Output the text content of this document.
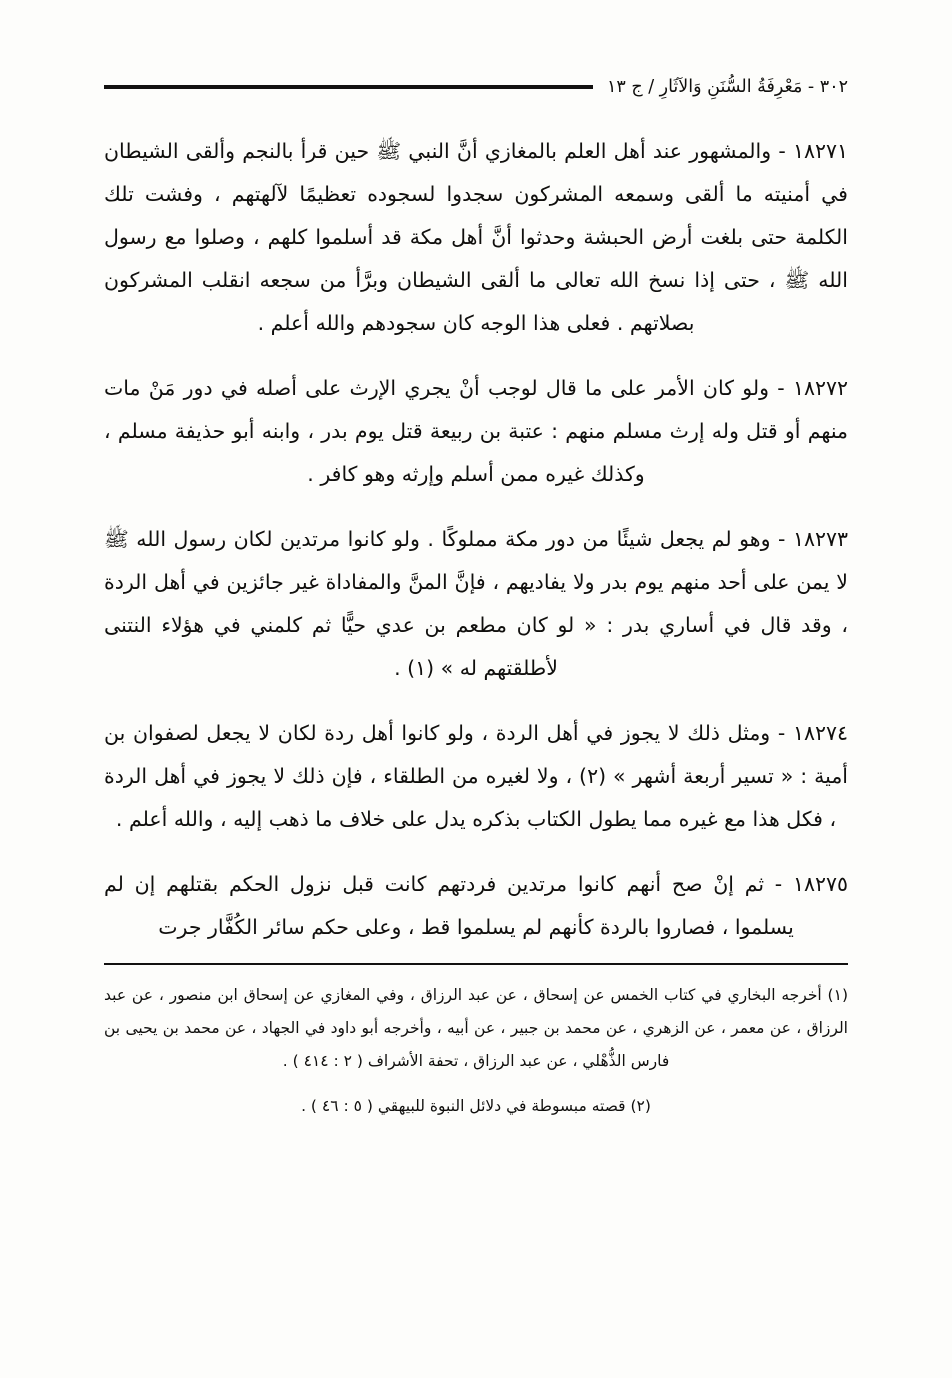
٣٠٢ - مَعْرِفَةُ السُّنَنِ وَالآثَارِ / ج ١٣

١٨٢٧١ - والمشهور عند أهل العلم بالمغازي أنَّ النبي ﷺ حين قرأ بالنجم وألقى الشيطان في أمنيته ما ألقى وسمعه المشركون سجدوا لسجوده تعظيمًا لآلهتهم ، وفشت تلك الكلمة حتى بلغت أرض الحبشة وحدثوا أنَّ أهل مكة قد أسلموا كلهم ، وصلوا مع رسول الله ﷺ ، حتى إذا نسخ الله تعالى ما ألقى الشيطان وبرَّأ من سجعه انقلب المشركون بصلاتهم . فعلى هذا الوجه كان سجودهم والله أعلم .

١٨٢٧٢ - ولو كان الأمر على ما قال لوجب أنْ يجري الإرث على أصله في دور مَنْ مات منهم أو قتل وله إرث مسلم منهم : عتبة بن ربيعة قتل يوم بدر ، وابنه أبو حذيفة مسلم ، وكذلك غيره ممن أسلم وإرثه وهو كافر .

١٨٢٧٣ - وهو لم يجعل شيئًا من دور مكة مملوكًا . ولو كانوا مرتدين لكان رسول الله ﷺ لا يمن على أحد منهم يوم بدر ولا يفاديهم ، فإنَّ المنَّ والمفاداة غير جائزين في أهل الردة ، وقد قال في أساري بدر : « لو كان مطعم بن عدي حيًّا ثم كلمني في هؤلاء النتنى لأطلقتهم له » (١) .

١٨٢٧٤ - ومثل ذلك لا يجوز في أهل الردة ، ولو كانوا أهل ردة لكان لا يجعل لصفوان بن أمية : « تسير أربعة أشهر » (٢) ، ولا لغيره من الطلقاء ، فإن ذلك لا يجوز في أهل الردة ، فكل هذا مع غيره مما يطول الكتاب بذكره يدل على خلاف ما ذهب إليه ، والله أعلم .

١٨٢٧٥ - ثم إنْ صح أنهم كانوا مرتدين فردتهم كانت قبل نزول الحكم بقتلهم إن لم يسلموا ، فصاروا بالردة كأنهم لم يسلموا قط ، وعلى حكم سائر الكُفَّار جرت

(١) أخرجه البخاري في كتاب الخمس عن إسحاق ، عن عبد الرزاق ، وفي المغازي عن إسحاق ابن منصور ، عن عبد الرزاق ، عن معمر ، عن الزهري ، عن محمد بن جبير ، عن أبيه ، وأخرجه أبو داود في الجهاد ، عن محمد بن يحيى بن فارس الذُّهْلي ، عن عبد الرزاق ، تحفة الأشراف ( ٢ : ٤١٤ ) .

(٢) قصته مبسوطة في دلائل النبوة للبيهقي ( ٥ : ٤٦ ) .
